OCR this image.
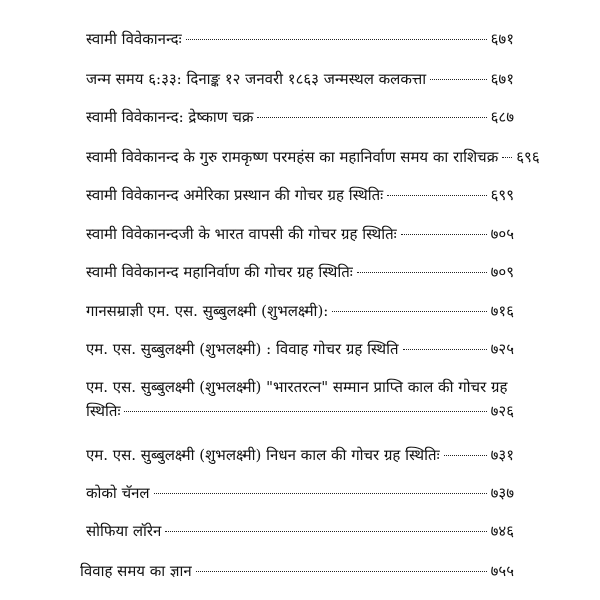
स्वामी विवेकानन्दः	६७१
जन्म समय ६:३३: दिनाङ्क १२ जनवरी १८६३ जन्मस्थल कलकत्ता	६७१
स्वामी विवेकानन्द: द्रेष्काण चक्र	६८७
स्वामी विवेकानन्द के गुरु रामकृष्ण परमहंस का महानिर्वाण समय का राशिचक्र ६९६
स्वामी विवेकानन्द अमेरिका प्रस्थान की गोचर ग्रह स्थितिः	६९९
स्वामी विवेकानन्दजी के भारत वापसी की गोचर ग्रह स्थितिः	७०५
स्वामी विवेकानन्द महानिर्वाण की गोचर ग्रह स्थितिः	७०९
गानसम्राज्ञी एम. एस. सुब्बुलक्ष्मी (शुभलक्ष्मी):	७१६
एम. एस. सुब्बुलक्ष्मी (शुभलक्ष्मी) : विवाह गोचर ग्रह स्थिति	७२५
एम. एस. सुब्बुलक्ष्मी (शुभलक्ष्मी) "भारतरत्न" सम्मान प्राप्ति काल की गोचर ग्रह
स्थितिः	७२६
एम. एस. सुब्बुलक्ष्मी (शुभलक्ष्मी) निधन काल की गोचर ग्रह स्थितिः	७३१
कोको चॅनल	७३७
सोफिया लॉरेन	७४६
विवाह समय का ज्ञान	७५५
